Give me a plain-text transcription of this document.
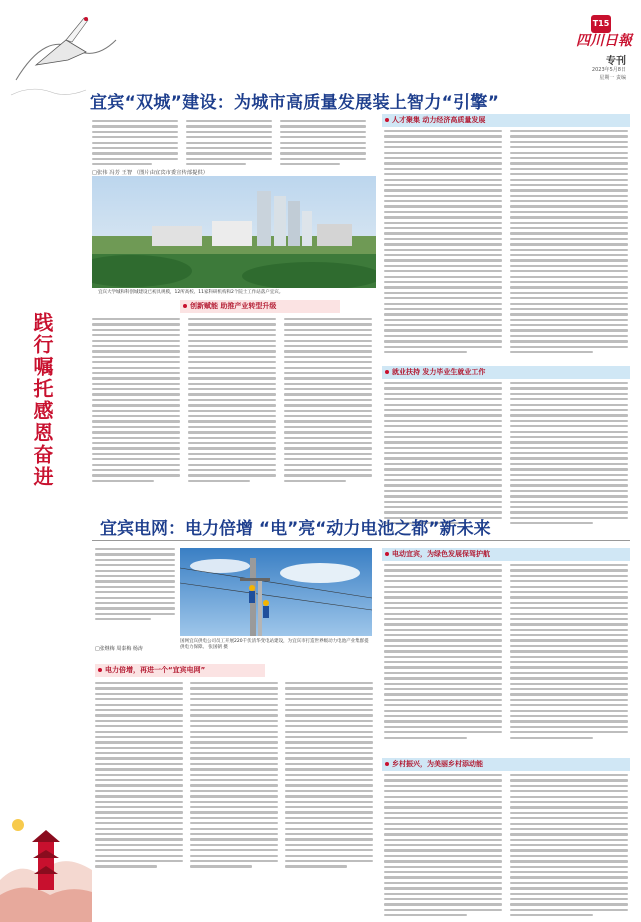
T15
四川日報
专刊
2023年5月8日
星期一 责编
宜宾“双城”建设：为城市高质量发展装上智力“引擎”
□张伟 冯芳 王智 （图片由宜宾市委宣传部提供）
宜宾大学城和科创城建设已初具规模，12所高校、11家科研机构和2个院士工作站落户宜宾。
创新赋能 助推产业转型升级
践行嘱托感恩奋进
人才聚集 动力经济高质量发展
就业扶持 发力毕业生就业工作
宜宾电网：电力倍增 “电”亮“动力电池之都”新未来
□张继梅 周泰梅 杨涛
国网宜宾供电公司员工开展220千伏清华变电站建设，为宜宾市打造世界级动力电池产业集群提供电力保障。 张国朝 摄
电力倍增，再进一个“宜宾电网”
电动宜宾，为绿色发展保驾护航
乡村振兴，为美丽乡村添动能
